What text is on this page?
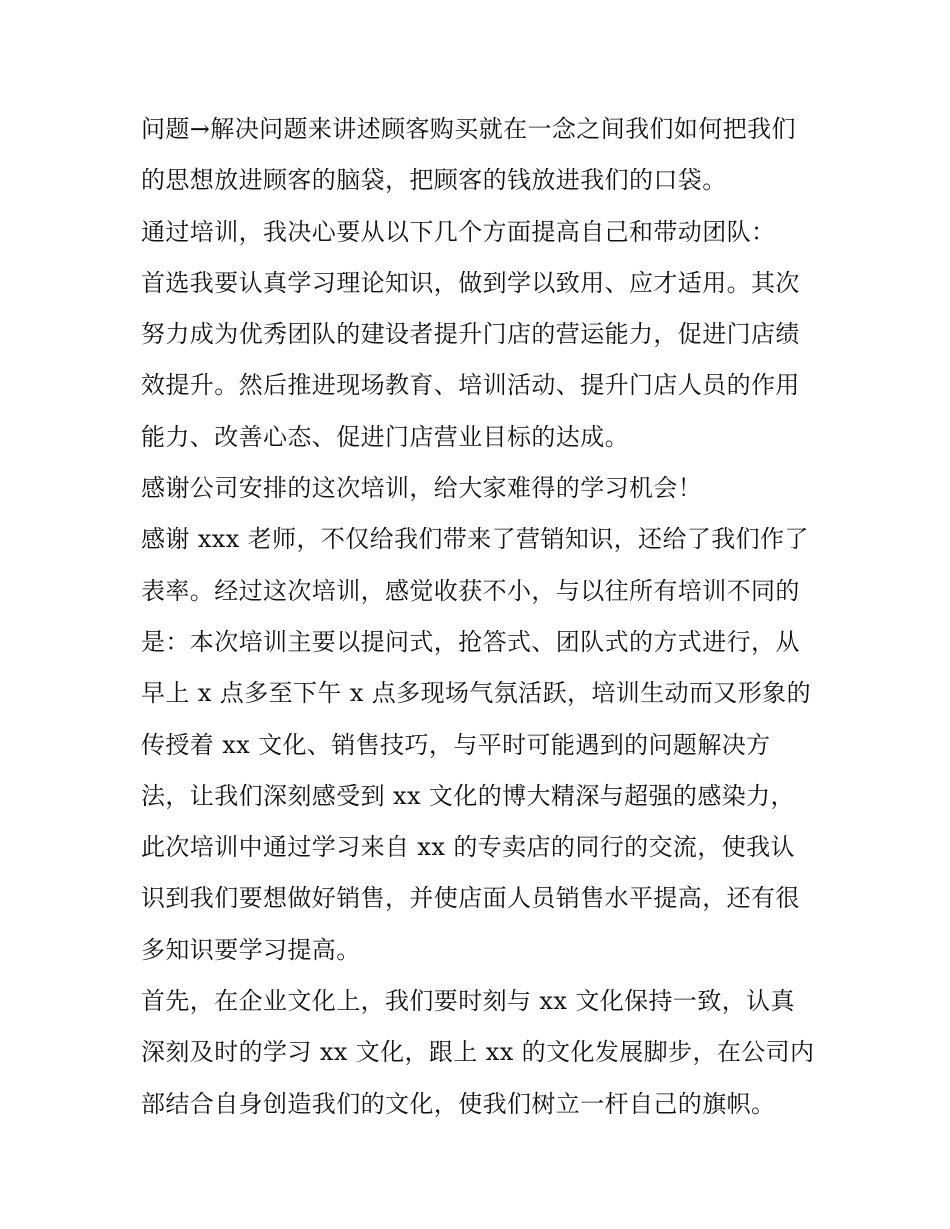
问题→解决问题来讲述顾客购买就在一念之间我们如何把我们
的思想放进顾客的脑袋，把顾客的钱放进我们的口袋。
通过培训，我决心要从以下几个方面提高自己和带动团队：
首选我要认真学习理论知识，做到学以致用、应才适用。其次
努力成为优秀团队的建设者提升门店的营运能力，促进门店绩
效提升。然后推进现场教育、培训活动、提升门店人员的作用
能力、改善心态、促进门店营业目标的达成。
感谢公司安排的这次培训，给大家难得的学习机会！
感谢 xxx 老师，不仅给我们带来了营销知识，还给了我们作了
表率。经过这次培训，感觉收获不小，与以往所有培训不同的
是：本次培训主要以提问式，抢答式、团队式的方式进行，从
早上 x 点多至下午 x 点多现场气氛活跃，培训生动而又形象的
传授着 xx 文化、销售技巧，与平时可能遇到的问题解决方
法，让我们深刻感受到 xx 文化的博大精深与超强的感染力，
此次培训中通过学习来自 xx 的专卖店的同行的交流，使我认
识到我们要想做好销售，并使店面人员销售水平提高，还有很
多知识要学习提高。
首先，在企业文化上，我们要时刻与 xx 文化保持一致，认真
深刻及时的学习 xx 文化，跟上 xx 的文化发展脚步，在公司内
部结合自身创造我们的文化，使我们树立一杆自己的旗帜。
